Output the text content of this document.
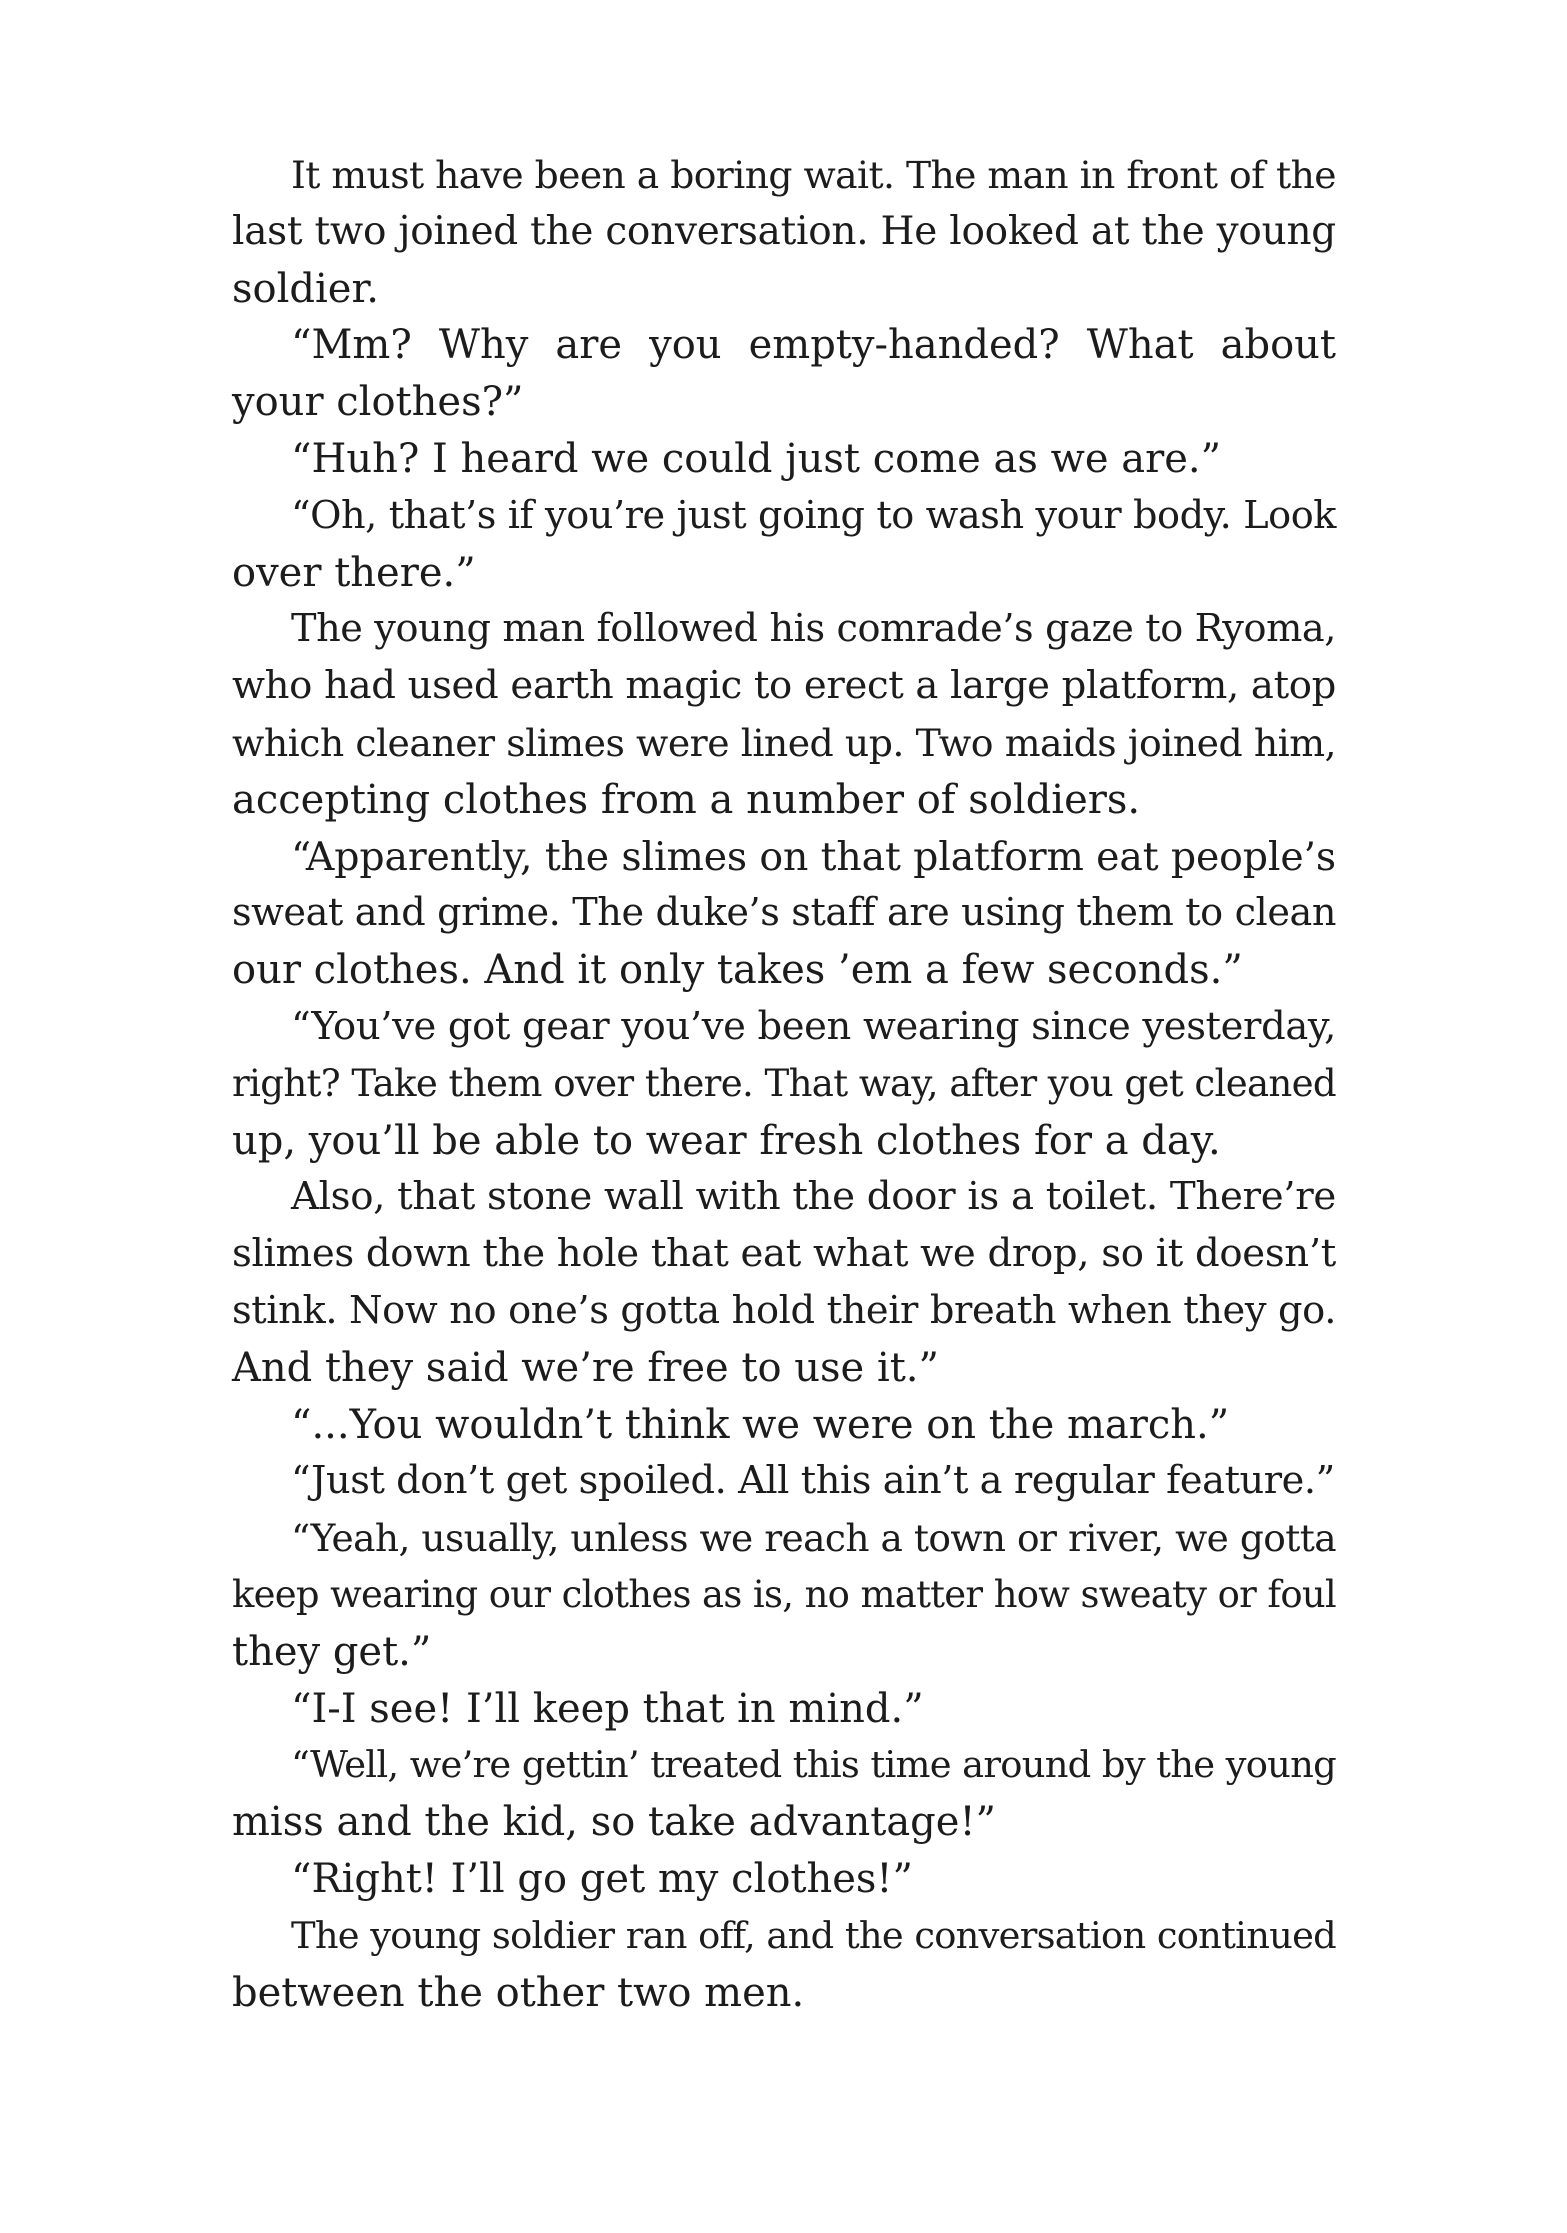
It must have been a boring wait. The man in front of the
last two joined the conversation. He looked at the young
soldier.

“Mm? Why are you empty-handed? What about
your clothes?”

“Huh? I heard we could just come as we are.”

“Oh, that’s if you’re just going to wash your body. Look
over there.”

The young man followed his comrade’s gaze to Ryoma,
who had used earth magic to erect a large platform, atop
which cleaner slimes were lined up. Two maids joined him,
accepting clothes from a number of soldiers.

“Apparently, the slimes on that platform eat people’s
sweat and grime. The duke’s staff are using them to clean
our clothes. And it only takes ’em a few seconds.”

“You’ve got gear you’ve been wearing since yesterday,
right? Take them over there. That way, after you get cleaned
up, you’ll be able to wear fresh clothes for a day.

Also, that stone wall with the door is a toilet. There’re
slimes down the hole that eat what we drop, so it doesn’t
stink. Now no one’s gotta hold their breath when they go.
And they said we’re free to use it.”

“...You wouldn’t think we were on the march.”

“Just don’t get spoiled. All this ain’t a regular feature.”

“Yeah, usually, unless we reach a town or river, we gotta
keep wearing our clothes as is, no matter how sweaty or foul
they get.”

“I-I see! I’ll keep that in mind.”

“Well, we’re gettin’ treated this time around by the young
miss and the kid, so take advantage!”

“Right! I’ll go get my clothes!”

The young soldier ran off, and the conversation continued
between the other two men.
